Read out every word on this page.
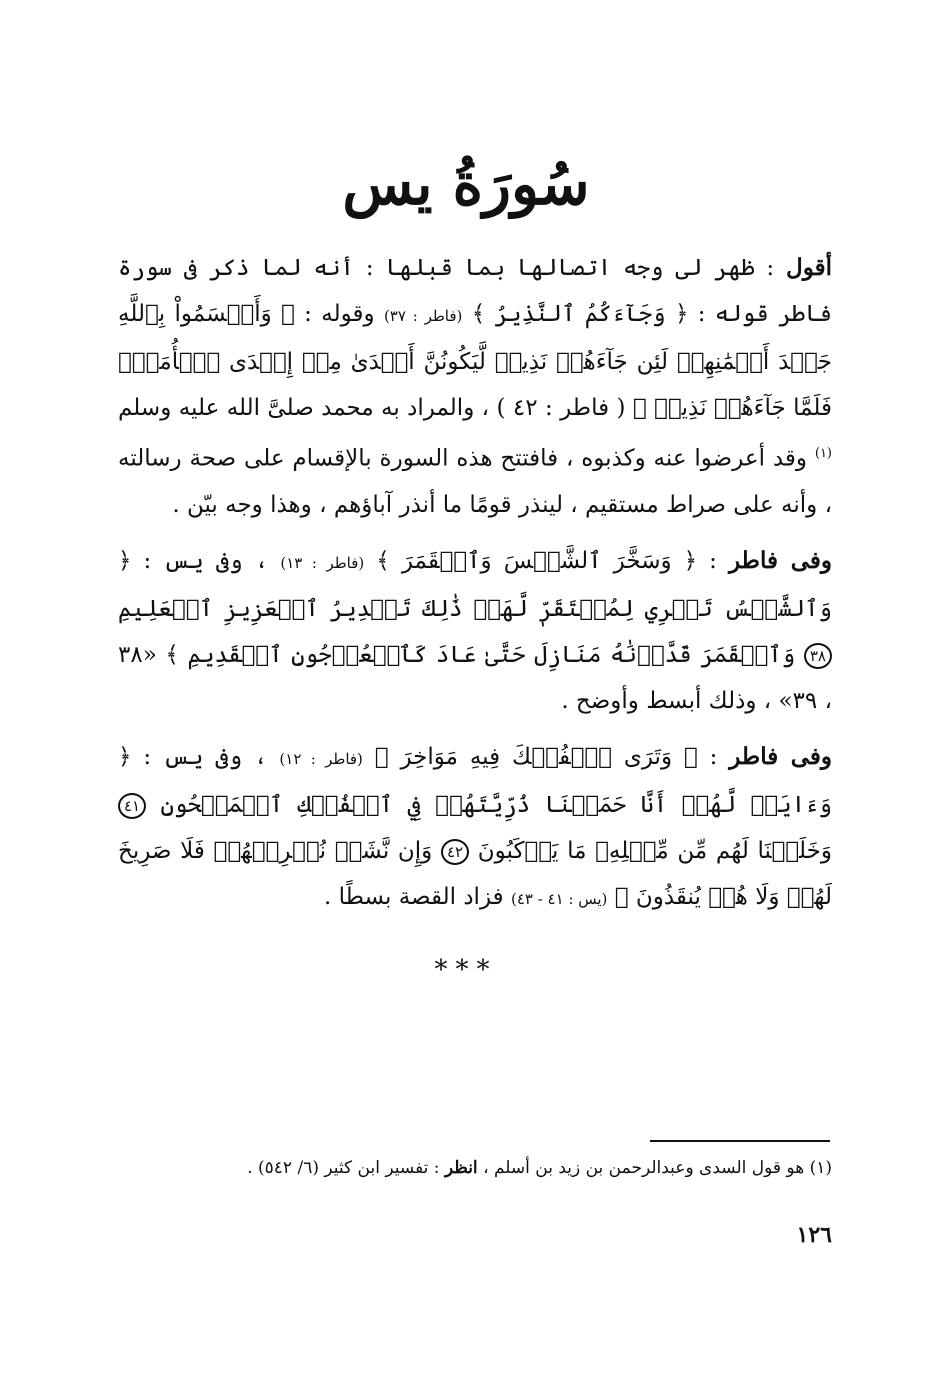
سُورَةُ يس

أقول : ظهر لى وجه اتصالها بما قبلها : أنه لما ذكر فى سورة فاطر قوله : ﴿ وَجَآءَكُمُ ٱلنَّذِيرُ ﴾ (فاطر : ٣٧) وقوله : ﴿ وَأَقۡسَمُواْ بِٱللَّهِ جَهۡدَ أَيۡمَٰنِهِمۡ لَئِن جَآءَهُمۡ نَذِيرٞ لَّيَكُونُنَّ أَهۡدَىٰ مِنۡ إِحۡدَى ٱلۡأُمَمِۖ فَلَمَّا جَآءَهُمۡ نَذِيرٞ ﴾ ( فاطر : ٤٢ ) ، والمراد به محمد صلىَّ الله عليه وسلم $^{(١)}$ وقد أعرضوا عنه وكذبوه ، فافتتح هذه السورة بالإقسام على صحة رسالته ، وأنه على صراط مستقيم ، لينذر قومًا ما أنذر آباؤهم ، وهذا وجه بيّن .

وفى فاطر : ﴿ وَسَخَّرَ ٱلشَّمۡسَ وَٱلۡقَمَرَ ﴾ (فاطر : ١٣) ، وفى يس : ﴿ وَٱلشَّمۡسُ تَجۡرِي لِمُسۡتَقَرّٖ لَّهَاۚ ذَٰلِكَ تَقۡدِيرُ ٱلۡعَزِيزِ ٱلۡعَلِيمِ ٣٨ وَٱلۡقَمَرَ قَدَّرۡنَٰهُ مَنَازِلَ حَتَّىٰ عَادَ كَٱلۡعُرۡجُونِ ٱلۡقَدِيمِ ﴾ «٣٨ ، ٣٩» ، وذلك أبسط وأوضح .

وفى فاطر : ﴿ وَتَرَى ٱلۡفُلۡكَ فِيهِ مَوَاخِرَ ﴾ (فاطر : ١٢) ، وفى يس : ﴿ وَءَايَةٞ لَّهُمۡ أَنَّا حَمَلۡنَا ذُرِّيَّتَهُمۡ فِي ٱلۡفُلۡكِ ٱلۡمَشۡحُونِ ٤١ وَخَلَقۡنَا لَهُم مِّن مِّثۡلِهِۦ مَا يَرۡكَبُونَ ٤٢ وَإِن نَّشَأۡ نُغۡرِقۡهُمۡ فَلَا صَرِيخَ لَهُمۡ وَلَا هُمۡ يُنقَذُونَ ﴾ (يس : ٤١ - ٤٣) فزاد القصة بسطًا .

***
(١) هو قول السدى وعبدالرحمن بن زيد بن أسلم ، انظر : تفسير ابن كثير (٦/ ٥٤٢) .
١٢٦
